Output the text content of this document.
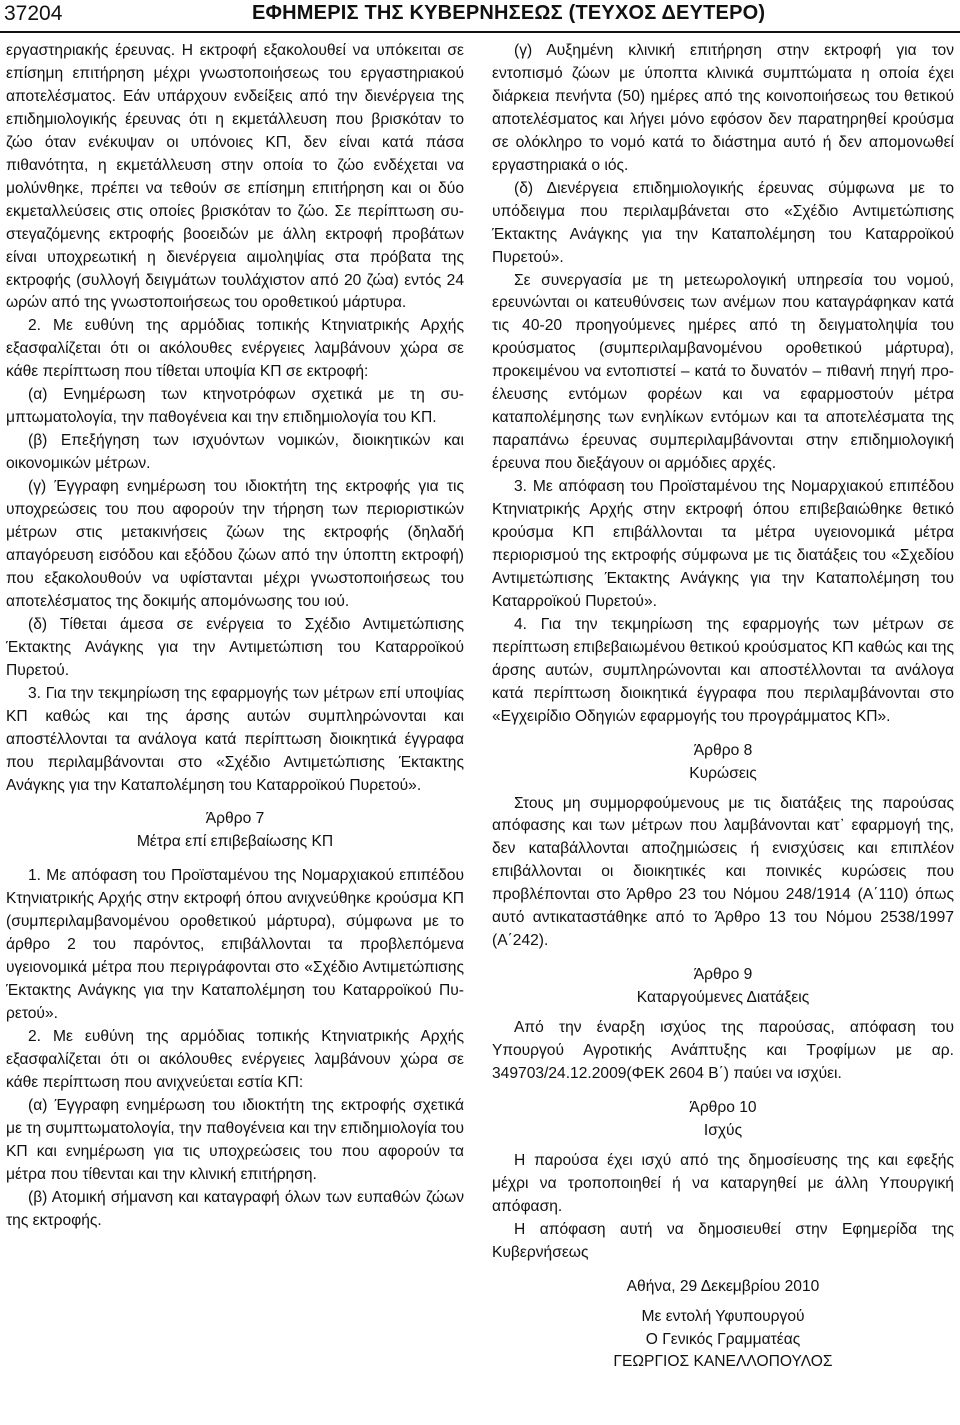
37204	ΕΦΗΜΕΡΙΣ ΤΗΣ ΚΥΒΕΡΝΗΣΕΩΣ (ΤΕΥΧΟΣ ΔΕΥΤΕΡΟ)

εργαστηριακής έρευνας. Η εκτροφή εξακολουθεί να υπόκειται σε επίσημη επιτήρηση μέχρι γνωστοποιήσεως του εργαστηριακού αποτελέσματος. Εάν υπάρχουν ενδείξεις από την διενέργεια της επιδημιολογικής έρευνας ότι η εκμετάλλευση που βρισκόταν το ζώο όταν ενέκυψαν οι υπόνοιες ΚΠ, δεν είναι κατά πάσα πιθανότητα, η εκμετάλλευση στην οποία το ζώο ενδέχεται να μολύνθηκε, πρέπει να τεθούν σε επίσημη επιτήρηση και οι δύο εκμεταλλεύσεις στις οποίες βρισκόταν το ζώο. Σε περίπτωση συστεγαζόμενης εκτροφής βοοειδών με άλλη εκτροφή προβάτων είναι υποχρεωτική η διενέργεια αιμοληψίας στα πρόβατα της εκτροφής (συλλογή δειγμάτων τουλάχιστον από 20 ζώα) εντός 24 ωρών από της γνωστοποιήσεως του οροθετικού μάρτυρα.

2. Με ευθύνη της αρμόδιας τοπικής Κτηνιατρικής Αρχής εξασφαλίζεται ότι οι ακόλουθες ενέργειες λαμβάνουν χώρα σε κάθε περίπτωση που τίθεται υποψία ΚΠ σε εκτροφή:

(α) Ενημέρωση των κτηνοτρόφων σχετικά με τη συμπτωματολογία, την παθογένεια και την επιδημιολογία του ΚΠ.

(β) Επεξήγηση των ισχυόντων νομικών, διοικητικών και οικονομικών μέτρων.

(γ) Έγγραφη ενημέρωση του ιδιοκτήτη της εκτροφής για τις υποχρεώσεις του που αφορούν την τήρηση των περιοριστικών μέτρων στις μετακινήσεις ζώων της εκτροφής (δηλαδή απαγόρευση εισόδου και εξόδου ζώων από την ύποπτη εκτροφή) που εξακολουθούν να υφίστανται μέχρι γνωστοποιήσεως του αποτελέσματος της δοκιμής απομόνωσης του ιού.

(δ) Τίθεται άμεσα σε ενέργεια το Σχέδιο Αντιμετώπισης Έκτακτης Ανάγκης για την Αντιμετώπιση του Καταρροϊκού Πυρετού.

3. Για την τεκμηρίωση της εφαρμογής των μέτρων επί υποψίας ΚΠ καθώς και της άρσης αυτών συμπληρώνονται και αποστέλλονται τα ανάλογα κατά περίπτωση διοικητικά έγγραφα που περιλαμβάνονται στο «Σχέδιο Αντιμετώπισης Έκτακτης Ανάγκης για την Καταπολέμηση του Καταρροϊκού Πυρετού».

Άρθρο 7

Μέτρα επί επιβεβαίωσης ΚΠ

1. Με απόφαση του Προϊσταμένου της Νομαρχιακού επιπέδου Κτηνιατρικής Αρχής στην εκτροφή όπου ανιχνεύθηκε κρούσμα ΚΠ (συμπεριλαμβανομένου οροθετικού μάρτυρα), σύμφωνα με το άρθρο 2 του παρόντος, επιβάλλονται τα προβλεπόμενα υγειονομικά μέτρα που περιγράφονται στο «Σχέδιο Αντιμετώπισης Έκτακτης Ανάγκης για την Καταπολέμηση του Καταρροϊκού Πυρετού».

2. Με ευθύνη της αρμόδιας τοπικής Κτηνιατρικής Αρχής εξασφαλίζεται ότι οι ακόλουθες ενέργειες λαμβάνουν χώρα σε κάθε περίπτωση που ανιχνεύεται εστία ΚΠ:

(α) Έγγραφη ενημέρωση του ιδιοκτήτη της εκτροφής σχετικά με τη συμπτωματολογία, την παθογένεια και την επιδημιολογία του ΚΠ και ενημέρωση για τις υποχρεώσεις του που αφορούν τα μέτρα που τίθενται και την κλινική επιτήρηση.

(β) Ατομική σήμανση και καταγραφή όλων των ευπαθών ζώων της εκτροφής.

(γ) Αυξημένη κλινική επιτήρηση στην εκτροφή για τον εντοπισμό ζώων με ύποπτα κλινικά συμπτώματα η οποία έχει διάρκεια πενήντα (50) ημέρες από της κοινοποιήσεως του θετικού αποτελέσματος και λήγει μόνο εφόσον δεν παρατηρηθεί κρούσμα σε ολόκληρο το νομό κατά το διάστημα αυτό ή δεν απομονωθεί εργαστηριακά ο ιός.

(δ) Διενέργεια επιδημιολογικής έρευνας σύμφωνα με το υπόδειγμα που περιλαμβάνεται στο «Σχέδιο Αντιμετώπισης Έκτακτης Ανάγκης για την Καταπολέμηση του Καταρροϊκού Πυρετού».

Σε συνεργασία με τη μετεωρολογική υπηρεσία του νομού, ερευνώνται οι κατευθύνσεις των ανέμων που καταγράφηκαν κατά τις 40-20 προηγούμενες ημέρες από τη δειγματοληψία του κρούσματος (συμπεριλαμβανομένου οροθετικού μάρτυρα), προκειμένου να εντοπιστεί – κατά το δυνατόν – πιθανή πηγή προέλευσης εντόμων φορέων και να εφαρμοστούν μέτρα καταπολέμησης των ενηλίκων εντόμων και τα αποτελέσματα της παραπάνω έρευνας συμπεριλαμβάνονται στην επιδημιολογική έρευνα που διεξάγουν οι αρμόδιες αρχές.

3. Με απόφαση του Προϊσταμένου της Νομαρχιακού επιπέδου Κτηνιατρικής Αρχής στην εκτροφή όπου επιβεβαιώθηκε θετικό κρούσμα ΚΠ επιβάλλονται τα μέτρα υγειονομικά μέτρα περιορισμού της εκτροφής σύμφωνα με τις διατάξεις του «Σχεδίου Αντιμετώπισης Έκτακτης Ανάγκης για την Καταπολέμηση του Καταρροϊκού Πυρετού».

4. Για την τεκμηρίωση της εφαρμογής των μέτρων σε περίπτωση επιβεβαιωμένου θετικού κρούσματος ΚΠ καθώς και της άρσης αυτών, συμπληρώνονται και αποστέλλονται τα ανάλογα κατά περίπτωση διοικητικά έγγραφα που περιλαμβάνονται στο «Εγχειρίδιο Οδηγιών εφαρμογής του προγράμματος ΚΠ».

Άρθρο 8

Κυρώσεις

Στους μη συμμορφούμενους με τις διατάξεις της παρούσας απόφασης και των μέτρων που λαμβάνονται κατ᾽ εφαρμογή της, δεν καταβάλλονται αποζημιώσεις ή ενισχύσεις και επιπλέον επιβάλλονται οι διοικητικές και ποινικές κυρώσεις που προβλέπονται στο Άρθρο 23 του Νόμου 248/1914 (Α΄110) όπως αυτό αντικαταστάθηκε από το Άρθρο 13 του Νόμου 2538/1997 (Α΄242).

Άρθρο 9

Καταργούμενες Διατάξεις

Από την έναρξη ισχύος της παρούσας, απόφαση του Υπουργού Αγροτικής Ανάπτυξης και Τροφίμων με αρ. 349703/24.12.2009(ΦΕΚ 2604 Β΄) παύει να ισχύει.

Άρθρο 10

Ισχύς

Η παρούσα έχει ισχύ από της δημοσίευσης της και εφεξής μέχρι να τροποποιηθεί ή να καταργηθεί με άλλη Υπουργική απόφαση.

Η απόφαση αυτή να δημοσιευθεί στην Εφημερίδα της Κυβερνήσεως

Αθήνα, 29 Δεκεμβρίου 2010

Με εντολή Υφυπουργού

Ο Γενικός Γραμματέας

ΓΕΩΡΓΙΟΣ ΚΑΝΕΛΛΟΠΟΥΛΟΣ
